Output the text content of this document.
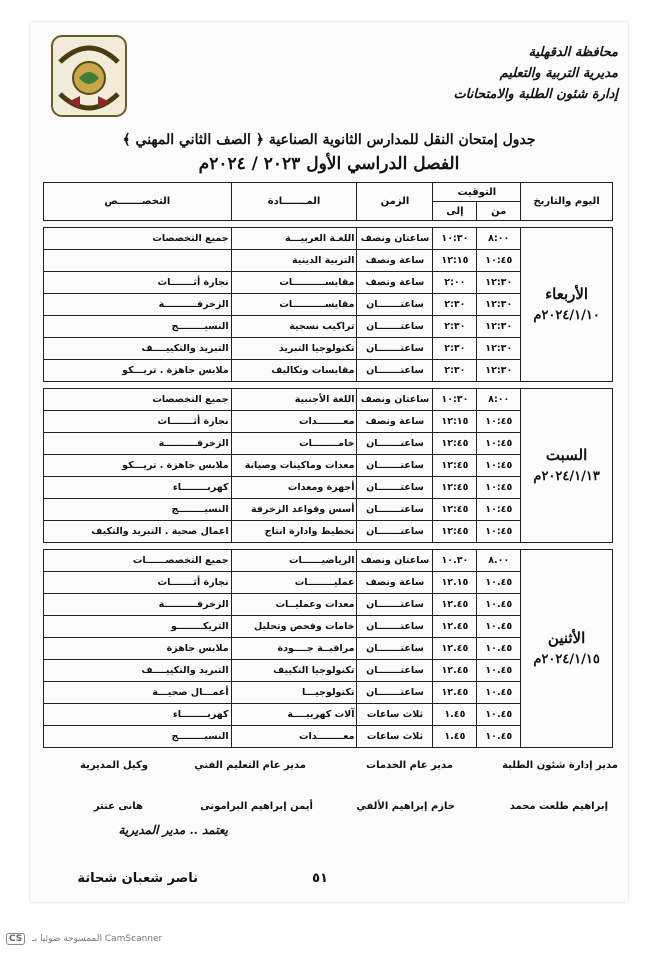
محافظة الدقهلية
مديرية التربية والتعليم
إدارة شئون الطلبة والامتحانات
جدول إمتحان النقل للمدارس الثانوية الصناعية ﴿ الصف الثاني المهني ﴾
الفصل الدراسي الأول ٢٠٢٣ / ٢٠٢٤م
اليوم والتاريخ	التوقيت		الزمن	المـــــــادة	التخصـــــــص
	من	إلى			

الأربعاء
٢٠٢٤/١/١٠م	٨:٠٠	١٠:٣٠	ساعتان ونصف	اللغـة العربيـــة	جميع التخصصات
	١٠:٤٥	١٢:١٥	ساعة ونصف	التربية الدينية	
	١٢:٣٠	٢:٠٠	ساعة ونصف	مقايســــــــــات	نجارة أثـــــــاث
	١٢:٣٠	٢:٣٠	ساعتـــــــان	مقايســــــــــات	الزخرفــــــــــة
	١٢:٣٠	٢:٣٠	ساعتـــــــان	تراكيب نسجية	النسيــــــــج
	١٢:٣٠	٢:٣٠	ساعتـــــــان	تكنولوجيا التبريد	التبريد والتكييــــف
	١٢:٣٠	٢:٣٠	ساعتـــــــان	مقايسات وتكاليف	ملابس جاهزة . تريـــكو

السبت
٢٠٢٤/١/١٣م	٨:٠٠	١٠:٣٠	ساعتان ونصف	اللغة الأجنبية	جميع التخصصات
	١٠:٤٥	١٢:١٥	ساعة ونصف	معــــــــدات	نجارة أثـــــــاث
	١٠:٤٥	١٢:٤٥	ساعتـــــــان	خامــــــــات	الزخرفــــــــــة
	١٠:٤٥	١٢:٤٥	ساعتـــــــان	معدات وماكينات وصيانة	ملابس جاهزة . تريـــكو
	١٠:٤٥	١٢:٤٥	ساعتـــــــان	أجهزة ومعدات	كهربــــــــاء
	١٠:٤٥	١٢:٤٥	ساعتـــــــان	أسس وقواعد الزخرفة	النسيــــــــج
	١٠:٤٥	١٢:٤٥	ساعتـــــــان	تخطيط وادارة انتاج	اعمال صحية . التبريد والتكيف

الأثنين
٢٠٢٤/١/١٥م	٨.٠٠	١٠.٣٠	ساعتان ونصف	الرياضيــــــات	جميع التخصصــــــات
	١٠.٤٥	١٢.١٥	ساعة ونصف	عمليــــــــات	نجارة أثـــــــاث
	١٠.٤٥	١٢.٤٥	ساعتـــــــان	معدات وعمليــات	الزخرفــــــــــة
	١٠.٤٥	١٢.٤٥	ساعتـــــــان	خامات وفحص وتحليل	التريكــــــــو
	١٠.٤٥	١٢.٤٥	ساعتـــــــان	مراقبــة جــــودة	ملابس جاهزة
	١٠.٤٥	١٢.٤٥	ساعتـــــــان	تكنولوجيا التكييف	التبريد والتكييــــف
	١٠.٤٥	١٢.٤٥	ساعتـــــــان	تكنولوجيـــا	أعمـــال صحيـــة
	١٠.٤٥	١.٤٥	ثلاث ساعات	آلات كهربيــــة	كهربــــــــاء
	١٠.٤٥	١.٤٥	ثلاث ساعات	معــــــــدات	النسيــــــــج
مدير إدارة شئون الطلبة
مدير عام الخدمات
مدير عام التعليم الفني
وكيل المديرية
إبراهيم طلعت محمد
حازم إبراهيم الألفي
أيمن إبراهيم البرامونى
هانى عنتر
يعتمد .. مدير المديرية
٥١
ناصر شعبان شحاتة
CS الممسوحة ضوئيا بـ CamScanner
